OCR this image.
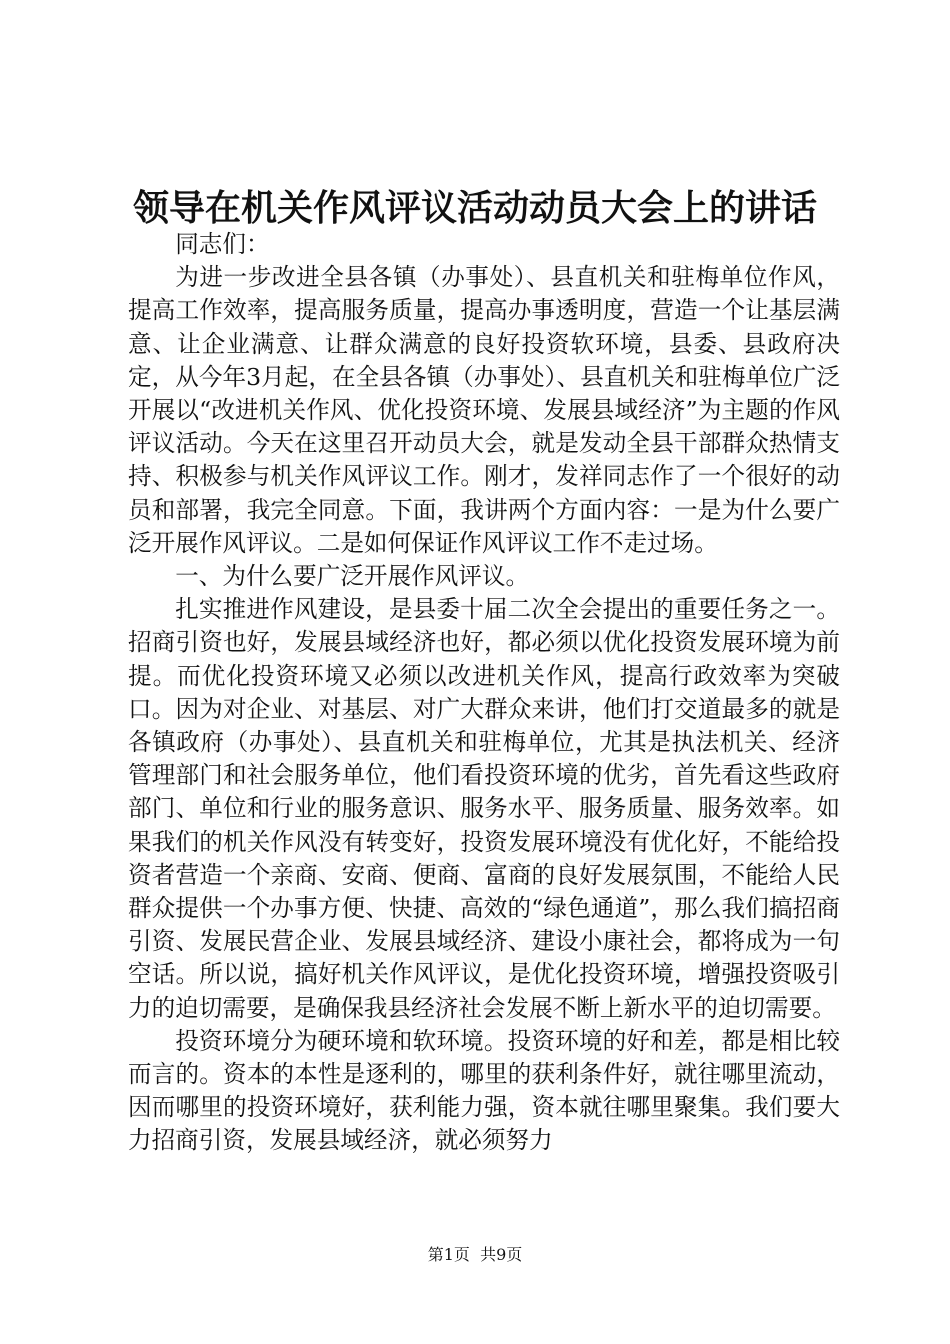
领导在机关作风评议活动动员大会上的讲话

同志们：

为进一步改进全县各镇（办事处）、县直机关和驻梅单位作风，提高工作效率，提高服务质量，提高办事透明度，营造一个让基层满意、让企业满意、让群众满意的良好投资软环境，县委、县政府决定，从今年3月起，在全县各镇（办事处）、县直机关和驻梅单位广泛开展以“改进机关作风、优化投资环境、发展县域经济”为主题的作风评议活动。今天在这里召开动员大会，就是发动全县干部群众热情支持、积极参与机关作风评议工作。刚才，发祥同志作了一个很好的动员和部署，我完全同意。下面，我讲两个方面内容：一是为什么要广泛开展作风评议。二是如何保证作风评议工作不走过场。

一、为什么要广泛开展作风评议。

扎实推进作风建设，是县委十届二次全会提出的重要任务之一。招商引资也好，发展县域经济也好，都必须以优化投资发展环境为前提。而优化投资环境又必须以改进机关作风，提高行政效率为突破口。因为对企业、对基层、对广大群众来讲，他们打交道最多的就是各镇政府（办事处）、县直机关和驻梅单位，尤其是执法机关、经济管理部门和社会服务单位，他们看投资环境的优劣，首先看这些政府部门、单位和行业的服务意识、服务水平、服务质量、服务效率。如果我们的机关作风没有转变好，投资发展环境没有优化好，不能给投资者营造一个亲商、安商、便商、富商的良好发展氛围，不能给人民群众提供一个办事方便、快捷、高效的“绿色通道”，那么我们搞招商引资、发展民营企业、发展县域经济、建设小康社会，都将成为一句空话。所以说，搞好机关作风评议，是优化投资环境，增强投资吸引力的迫切需要，是确保我县经济社会发展不断上新水平的迫切需要。

投资环境分为硬环境和软环境。投资环境的好和差，都是相比较而言的。资本的本性是逐利的，哪里的获利条件好，就往哪里流动，因而哪里的投资环境好，获利能力强，资本就往哪里聚集。我们要大力招商引资，发展县域经济，就必须努力

第1页  共9页
